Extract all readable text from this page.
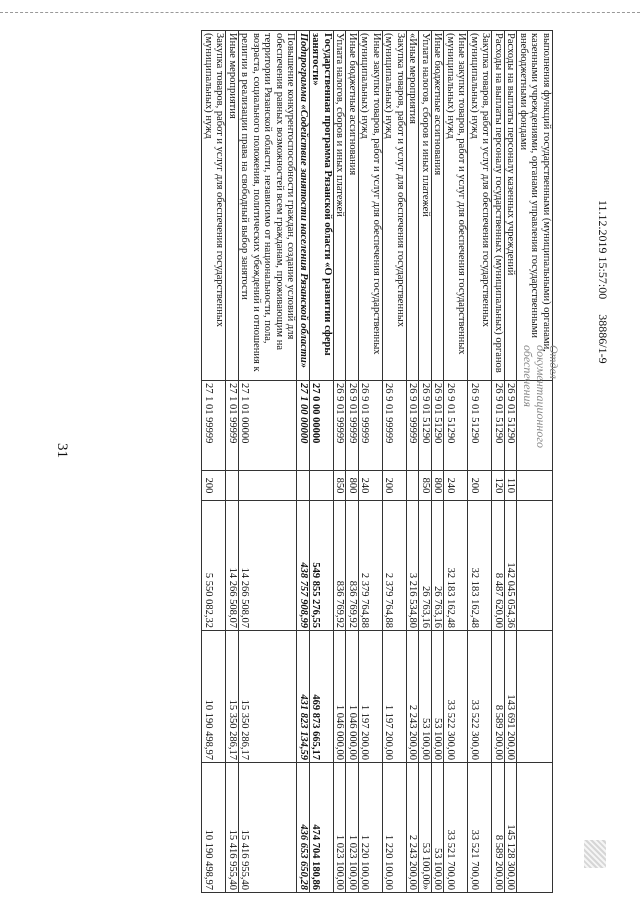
31
выполнения функций государственными (муниципальными) органами, казенными учреждениями, органами управления государственными внебюджетными фондами					
Расходы на выплаты персоналу казенных учреждений	26 9 01 51290	110	142 045 054,36	143 691 200,00	145 128 300,00
Расходы на выплаты персоналу государственных (муниципальных) органов	26 9 01 51290	120	8 487 620,00	8 589 200,00	8 589 200,00
Закупка товаров, работ и услуг для обеспечения государственных (муниципальных) нужд	26 9 01 51290	200	32 183 162,48	33 522 300,00	33 521 700,00
Иные закупки товаров, работ и услуг для обеспечения государственных (муниципальных) нужд	26 9 01 51290	240	32 183 162,48	33 522 300,00	33 521 700,00
Иные бюджетные ассигнования	26 9 01 51290	800	26 763,16	53 100,00	53 100,00
Уплата налогов, сборов и иных платежей	26 9 01 51290	850	26 763,16	53 100,00	53 100,00»
«Иные мероприятия	26 9 01 99999		3 216 534,80	2 243 200,00	2 243 200,00
Закупка товаров, работ и услуг для обеспечения государственных (муниципальных) нужд	26 9 01 99999	200	2 379 764,88	1 197 200,00	1 220 100,00
Иные закупки товаров, работ и услуг для обеспечения государственных (муниципальных) нужд	26 9 01 99999	240	2 379 764,88	1 197 200,00	1 220 100,00
Иные бюджетные ассигнования	26 9 01 99999	800	836 769,92	1 046 000,00	1 023 100,00
Уплата налогов, сборов и иных платежей	26 9 01 99999	850	836 769,92	1 046 000,00	1 023 100,00
Государственная программа Рязанской области «О развитии сферы занятости»	27 0 00 00000		549 855 276,55	469 873 665,17	474 704 180,86
Подпрограмма «Содействие занятости населения Рязанской области»	27 1 00 00000		438 757 908,99	431 823 134,59	436 653 650,28
Повышение конкурентоспособности граждан, создание условий для обеспечения равных возможностей всем гражданам, проживающим на территории Рязанской области, независимо от национальности, пола, возраста, социального положения, политических убеждений и отношения к религии в реализации права на свободный выбор занятости	27 1 01 00000		14 266 508,07	15 350 286,17	15 416 955,40
Иные мероприятия	27 1 01 99999		14 266 508,07	15 350 286,17	15 416 955,40
Закупка товаров, работ и услуг для обеспечения государственных (муниципальных) нужд	27 1 01 99999	200	5 550 082,32	10 190 498,97	10 190 498,97
Отдел документационного обеспечения
11.12.2019 15:57:00     38886/1-9
